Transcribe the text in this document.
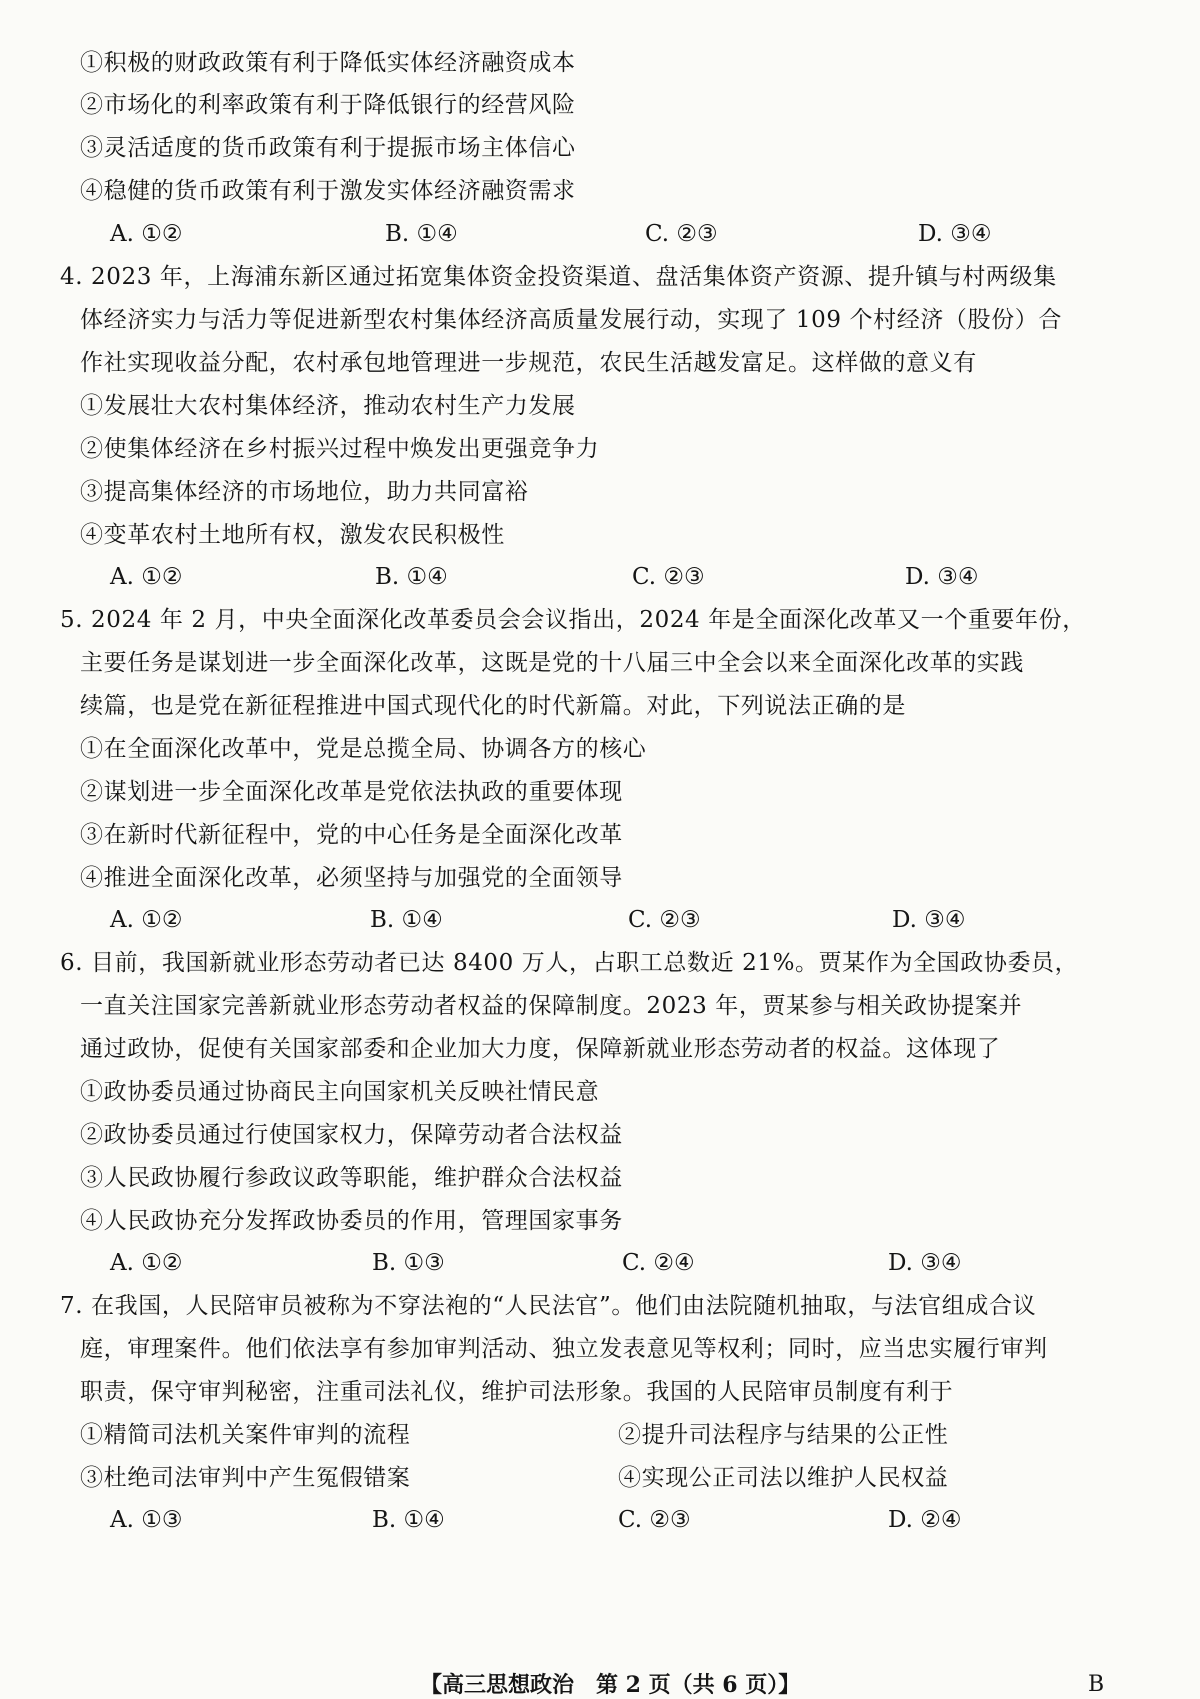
①积极的财政政策有利于降低实体经济融资成本
②市场化的利率政策有利于降低银行的经营风险
③灵活适度的货币政策有利于提振市场主体信心
④稳健的货币政策有利于激发实体经济融资需求
A. ①②	B. ①④	C. ②③	D. ③④
4. 2023 年，上海浦东新区通过拓宽集体资金投资渠道、盘活集体资产资源、提升镇与村两级集
体经济实力与活力等促进新型农村集体经济高质量发展行动，实现了 109 个村经济（股份）合
作社实现收益分配，农村承包地管理进一步规范，农民生活越发富足。这样做的意义有
①发展壮大农村集体经济，推动农村生产力发展
②使集体经济在乡村振兴过程中焕发出更强竞争力
③提高集体经济的市场地位，助力共同富裕
④变革农村土地所有权，激发农民积极性
A. ①②	B. ①④	C. ②③	D. ③④
5. 2024 年 2 月，中央全面深化改革委员会会议指出，2024 年是全面深化改革又一个重要年份，
主要任务是谋划进一步全面深化改革，这既是党的十八届三中全会以来全面深化改革的实践
续篇，也是党在新征程推进中国式现代化的时代新篇。对此，下列说法正确的是
①在全面深化改革中，党是总揽全局、协调各方的核心
②谋划进一步全面深化改革是党依法执政的重要体现
③在新时代新征程中，党的中心任务是全面深化改革
④推进全面深化改革，必须坚持与加强党的全面领导
A. ①②	B. ①④	C. ②③	D. ③④
6. 目前，我国新就业形态劳动者已达 8400 万人，占职工总数近 21%。贾某作为全国政协委员，
一直关注国家完善新就业形态劳动者权益的保障制度。2023 年，贾某参与相关政协提案并
通过政协，促使有关国家部委和企业加大力度，保障新就业形态劳动者的权益。这体现了
①政协委员通过协商民主向国家机关反映社情民意
②政协委员通过行使国家权力，保障劳动者合法权益
③人民政协履行参政议政等职能，维护群众合法权益
④人民政协充分发挥政协委员的作用，管理国家事务
A. ①②	B. ①③	C. ②④	D. ③④
7. 在我国，人民陪审员被称为不穿法袍的“人民法官”。他们由法院随机抽取，与法官组成合议
庭，审理案件。他们依法享有参加审判活动、独立发表意见等权利；同时，应当忠实履行审判
职责，保守审判秘密，注重司法礼仪，维护司法形象。我国的人民陪审员制度有利于
①精简司法机关案件审判的流程	②提升司法程序与结果的公正性
③杜绝司法审判中产生冤假错案	④实现公正司法以维护人民权益
A. ①③	B. ①④	C. ②③	D. ②④
【高三思想政治　第 2 页（共 6 页）】	B
